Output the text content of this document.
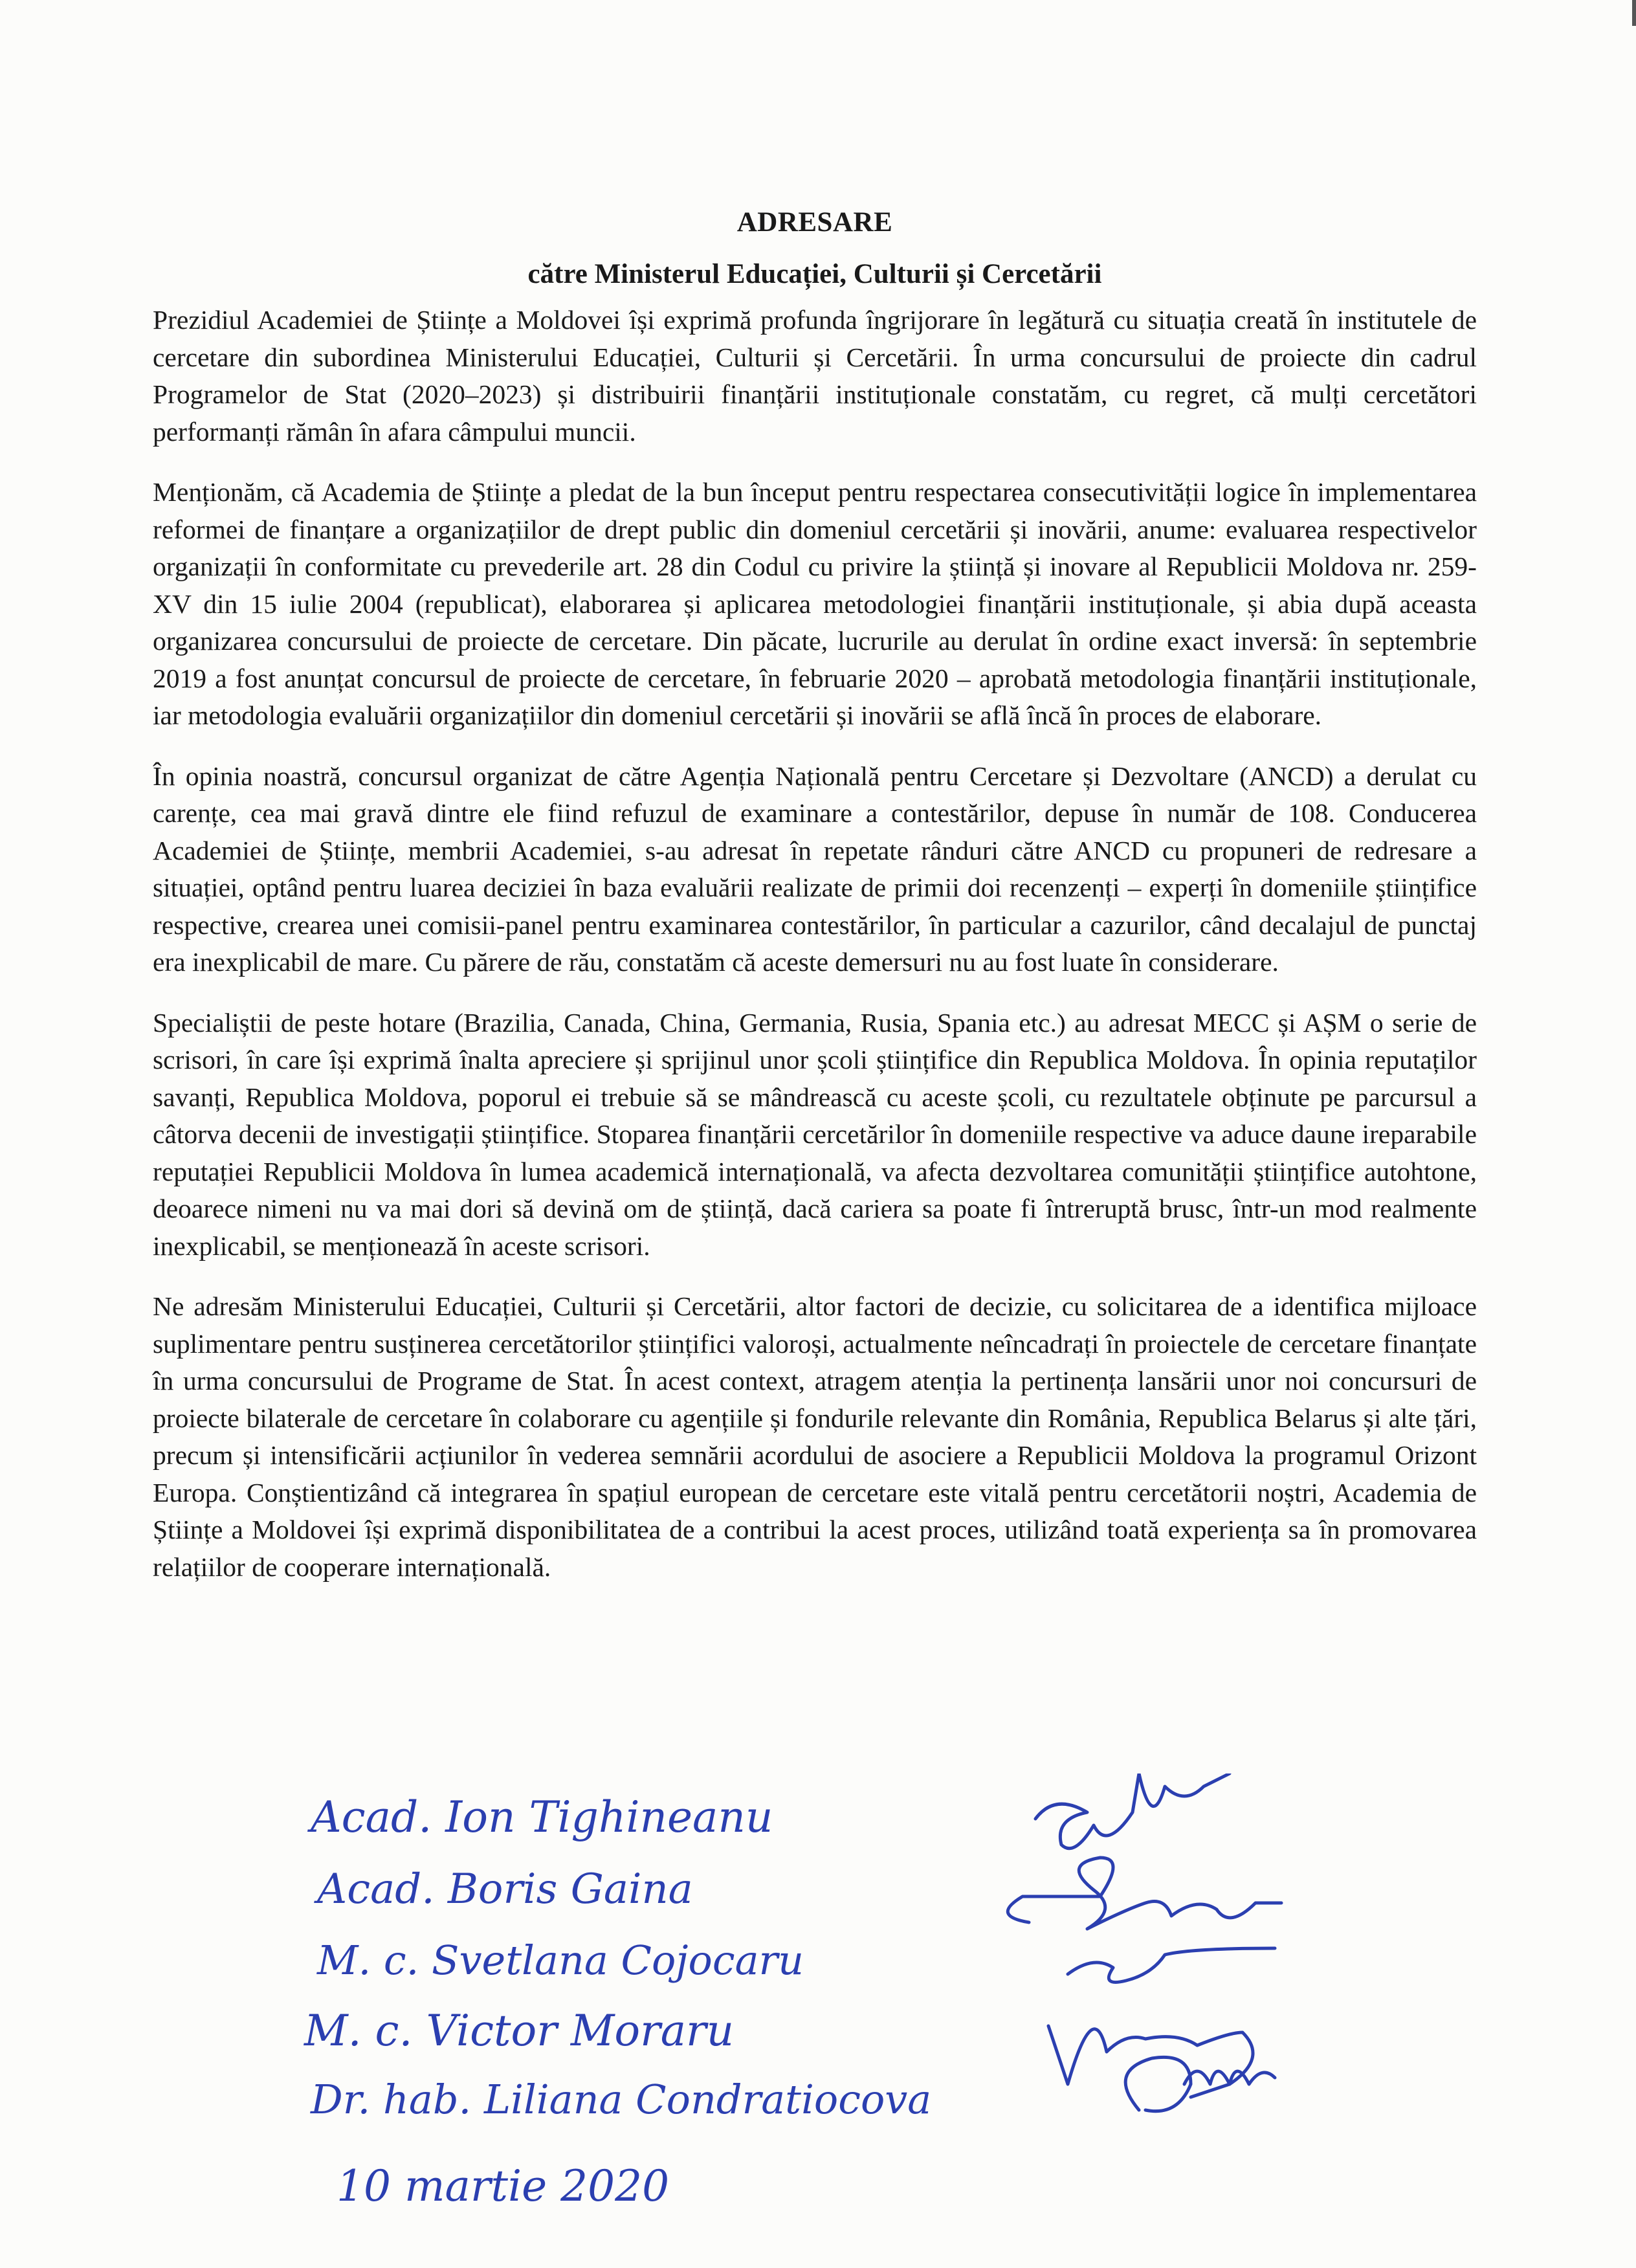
ADRESARE

către Ministerul Educației, Culturii și Cercetării

Prezidiul Academiei de Științe a Moldovei își exprimă profunda îngrijorare în legătură cu situația creată în institutele de cercetare din subordinea Ministerului Educației, Culturii și Cercetării. În urma concursului de proiecte din cadrul Programelor de Stat (2020–2023) și distribuirii finanțării instituționale constatăm, cu regret, că mulți cercetători performanți rămân în afara câmpului muncii.

Menționăm, că Academia de Științe a pledat de la bun început pentru respectarea consecutivității logice în implementarea reformei de finanțare a organizațiilor de drept public din domeniul cercetării și inovării, anume: evaluarea respectivelor organizații în conformitate cu prevederile art. 28 din Codul cu privire la știință și inovare al Republicii Moldova nr. 259-XV din 15 iulie 2004 (republicat), elaborarea și aplicarea metodologiei finanțării instituționale, și abia după aceasta organizarea concursului de proiecte de cercetare. Din păcate, lucrurile au derulat în ordine exact inversă: în septembrie 2019 a fost anunțat concursul de proiecte de cercetare, în februarie 2020 – aprobată metodologia finanțării instituționale, iar metodologia evaluării organizațiilor din domeniul cercetării și inovării se află încă în proces de elaborare.

În opinia noastră, concursul organizat de către Agenția Națională pentru Cercetare și Dezvoltare (ANCD) a derulat cu carențe, cea mai gravă dintre ele fiind refuzul de examinare a contestărilor, depuse în număr de 108. Conducerea Academiei de Științe, membrii Academiei, s-au adresat în repetate rânduri către ANCD cu propuneri de redresare a situației, optând pentru luarea deciziei în baza evaluării realizate de primii doi recenzenți – experți în domeniile științifice respective, crearea unei comisii-panel pentru examinarea contestărilor, în particular a cazurilor, când decalajul de punctaj era inexplicabil de mare. Cu părere de rău, constatăm că aceste demersuri nu au fost luate în considerare.

Specialiștii de peste hotare (Brazilia, Canada, China, Germania, Rusia, Spania etc.) au adresat MECC și AȘM o serie de scrisori, în care își exprimă înalta apreciere și sprijinul unor școli științifice din Republica Moldova. În opinia reputaților savanți, Republica Moldova, poporul ei trebuie să se mândrească cu aceste școli, cu rezultatele obținute pe parcursul a câtorva decenii de investigații științifice. Stoparea finanțării cercetărilor în domeniile respective va aduce daune ireparabile reputației Republicii Moldova în lumea academică internațională, va afecta dezvoltarea comunității științifice autohtone, deoarece nimeni nu va mai dori să devină om de știință, dacă cariera sa poate fi întreruptă brusc, într-un mod realmente inexplicabil, se menționează în aceste scrisori.

Ne adresăm Ministerului Educației, Culturii și Cercetării, altor factori de decizie, cu solicitarea de a identifica mijloace suplimentare pentru susținerea cercetătorilor științifici valoroși, actualmente neîncadrați în proiectele de cercetare finanțate în urma concursului de Programe de Stat. În acest context, atragem atenția la pertinența lansării unor noi concursuri de proiecte bilaterale de cercetare în colaborare cu agențiile și fondurile relevante din România, Republica Belarus și alte țări, precum și intensificării acțiunilor în vederea semnării acordului de asociere a Republicii Moldova la programul Orizont Europa. Conștientizând că integrarea în spațiul european de cercetare este vitală pentru cercetătorii noștri, Academia de Științe a Moldovei își exprimă disponibilitatea de a contribui la acest proces, utilizând toată experiența sa în promovarea relațiilor de cooperare internațională.

Acad. Ion Tighineanu
Acad. Boris Gaina
M. c. Svetlana Cojocaru
M. c. Victor Moraru
Dr. hab. Liliana Condratiocova
10 martie 2020
